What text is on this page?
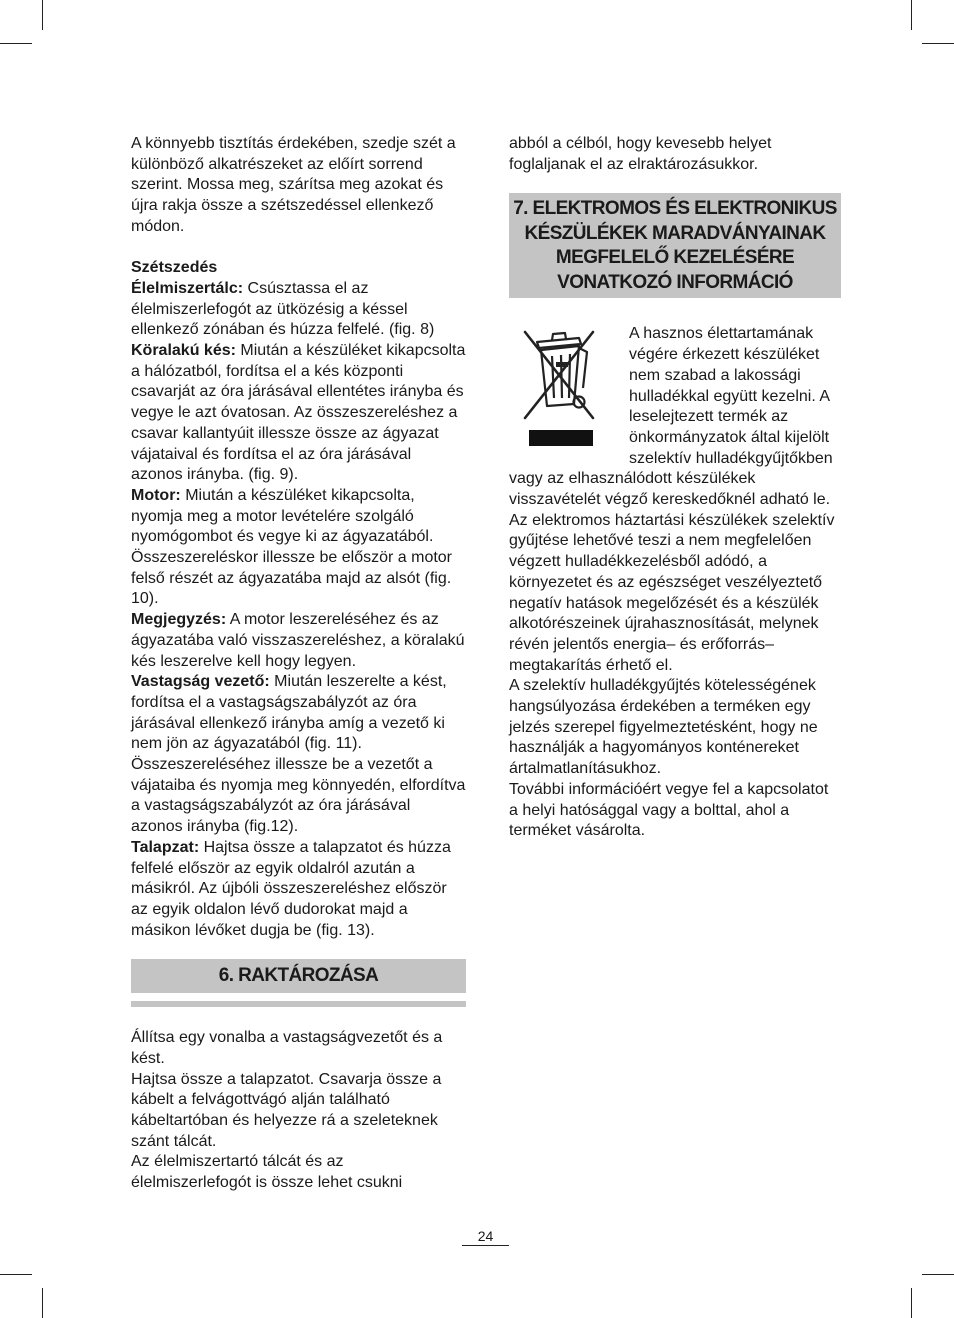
A könnyebb tisztítás érdekében, szedje szét a különböző alkatrészeket az előírt sorrend szerint. Mossa meg, szárítsa meg azokat és újra rakja össze a szétszedéssel ellenkező módon.

Szétszedés

Élelmiszertálc: Csúsztassa el az élelmiszerlefogót az ütközésig a késsel ellenkező zónában és húzza felfelé. (fig. 8)

Köralakú kés: Miután a készüléket kikapcsolta a hálózatból, fordítsa el a kés központi csavarját az óra járásával ellentétes irányba és vegye le azt óvatosan. Az összeszereléshez a csavar kallantyúit illessze össze az ágyazat vájataival és fordítsa el az óra járásával azonos irányba. (fig. 9).

Motor: Miután a készüléket kikapcsolta, nyomja meg a motor levételére szolgáló nyomógombot és vegye ki az ágyazatából. Összeszereléskor illessze be először a motor felső részét az ágyazatába majd az alsót (fig. 10).

Megjegyzés: A motor leszereléséhez és az ágyazatába való visszaszereléshez, a köralakú kés leszerelve kell hogy legyen.

Vastagság vezető: Miután leszerelte a kést, fordítsa el a vastagságszabályzót az óra járásával ellenkező irányba amíg a vezető ki nem jön az ágyazatából (fig. 11). Összeszereléséhez illessze be a vezetőt a vájataiba és nyomja meg könnyedén, elfordítva a vastagságszabályzót az óra járásával azonos irányba (fig.12).

Talapzat: Hajtsa össze a talapzatot és húzza felfelé először az egyik oldalról azután a másikról. Az újbóli összeszereléshez először az egyik oldalon lévő dudorokat majd a másikon lévőket dugja be (fig. 13).

6. RAKTÁROZÁSA

Állítsa egy vonalba a vastagságvezetőt és a kést.

Hajtsa össze a talapzatot. Csavarja össze a kábelt a felvágottvágó alján található kábeltartóban és helyezze rá a szeleteknek szánt tálcát.

Az élelmiszertartó tálcát és az élelmiszerlefogót is össze lehet csukni

abból a célból, hogy kevesebb helyet foglaljanak el az elraktározásukkor.

7. ELEKTROMOS ÉS ELEKTRONIKUS KÉSZÜLÉKEK MARADVÁNYAINAK MEGFELELŐ KEZELÉSÉRE VONATKOZÓ INFORMÁCIÓ

A hasznos élettartamának végére érkezett készüléket nem szabad a lakossági hulladékkal együtt kezelni. A leselejtezett termék az önkormányzatok által kijelölt szelektív hulladékgyűjtőkben vagy az elhasználódott készülékek visszavételét végző kereskedőknél adható le. Az elektromos háztartási készülékek szelektív gyűjtése lehetővé teszi a nem megfelelően végzett hulladékkezelésből adódó, a környezetet és az egészséget veszélyeztető negatív hatások megelőzését és a készülék alkotórészeinek újrahasznosítását, melynek révén jelentős energia– és erőforrás– megtakarítás érhető el.

A szelektív hulladékgyűjtés kötelességének hangsúlyozása érdekében a terméken egy jelzés szerepel figyelmeztetésként, hogy ne használják a hagyományos konténereket ártalmatlanításukhoz.

További információért vegye fel a kapcsolatot a helyi hatósággal vagy a bolttal, ahol a terméket vásárolta.

24
